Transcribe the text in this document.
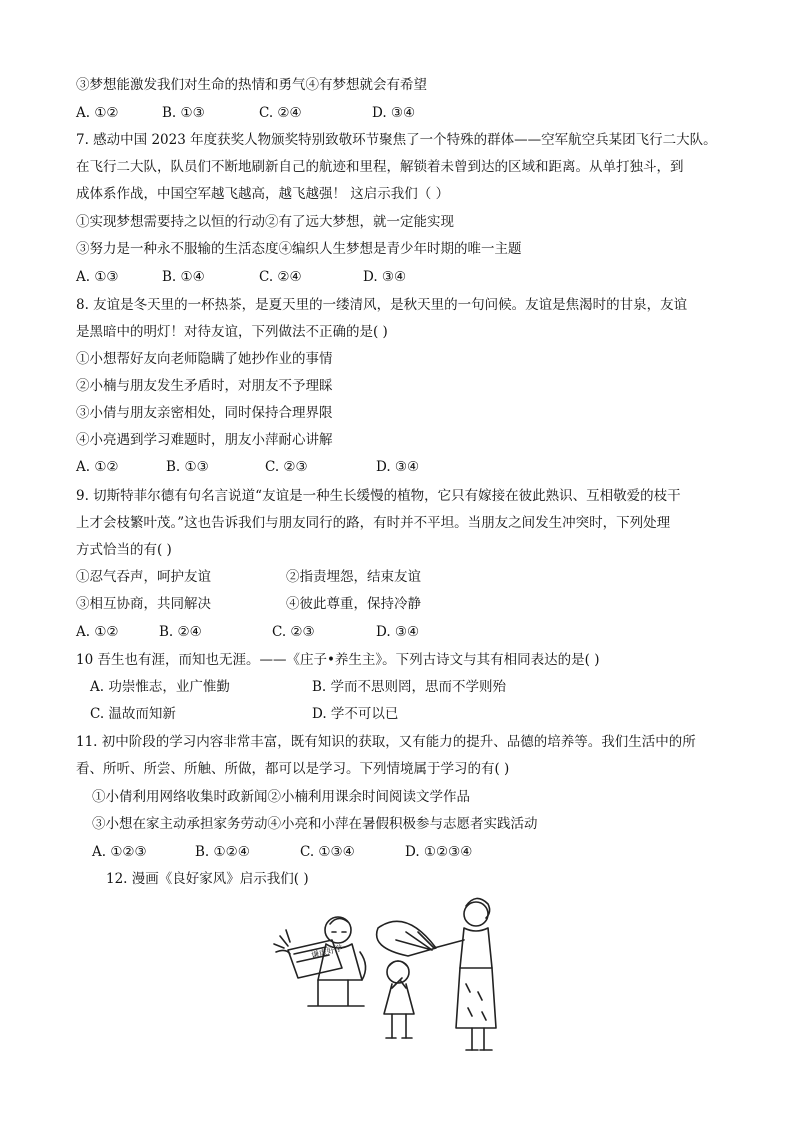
③梦想能激发我们对生命的热情和勇气④有梦想就会有希望
A. ①②	B. ①③	C. ②④	D. ③④
7. 感动中国 2023 年度获奖人物颁奖特别致敬环节聚焦了一个特殊的群体——空军航空兵某团飞行二大队。
在飞行二大队，队员们不断地刷新自己的航迹和里程，解锁着未曾到达的区域和距离。从单打独斗，到
成体系作战，中国空军越飞越高，越飞越强！ 这启示我们（ ）
①实现梦想需要持之以恒的行动②有了远大梦想，就一定能实现
③努力是一种永不服输的生活态度④编织人生梦想是青少年时期的唯一主题
A. ①③	B. ①④	C. ②④	D. ③④
8. 友谊是冬天里的一杯热茶，是夏天里的一缕清风，是秋天里的一句问候。友谊是焦渴时的甘泉，友谊
是黑暗中的明灯！对待友谊，下列做法不正确的是( )
①小想帮好友向老师隐瞒了她抄作业的事情
②小楠与朋友发生矛盾时，对朋友不予理睬
③小倩与朋友亲密相处，同时保持合理界限
④小亮遇到学习难题时，朋友小萍耐心讲解
A. ①②	B. ①③	C. ②③	D. ③④
9. 切斯特菲尔德有句名言说道“友谊是一种生长缓慢的植物，它只有嫁接在彼此熟识、互相敬爱的枝干
上才会枝繁叶茂。”这也告诉我们与朋友同行的路，有时并不平坦。当朋友之间发生冲突时，下列处理
方式恰当的有( )
①忍气吞声，呵护友谊	②指责埋怨，结束友谊
③相互协商，共同解决	④彼此尊重，保持冷静
A. ①②	B. ②④	C. ②③	D. ③④
10 吾生也有涯，而知也无涯。——《庄子•养生主》。下列古诗文与其有相同表达的是( )
A. 功崇惟志，业广惟勤	B. 学而不思则罔，思而不学则殆
C. 温故而知新	D. 学不可以已
11. 初中阶段的学习内容非常丰富，既有知识的获取，又有能力的提升、品德的培养等。我们生活中的所
看、所听、所尝、所触、所做，都可以是学习。下列情境属于学习的有( )
①小倩利用网络收集时政新闻②小楠利用课余时间阅读文学作品
③小想在家主动承担家务劳动④小亮和小萍在暑假积极参与志愿者实践活动
A. ①②③	B. ①②④	C. ①③④	D. ①②③④
12. 漫画《良好家风》启示我们( )
谦虚好学
